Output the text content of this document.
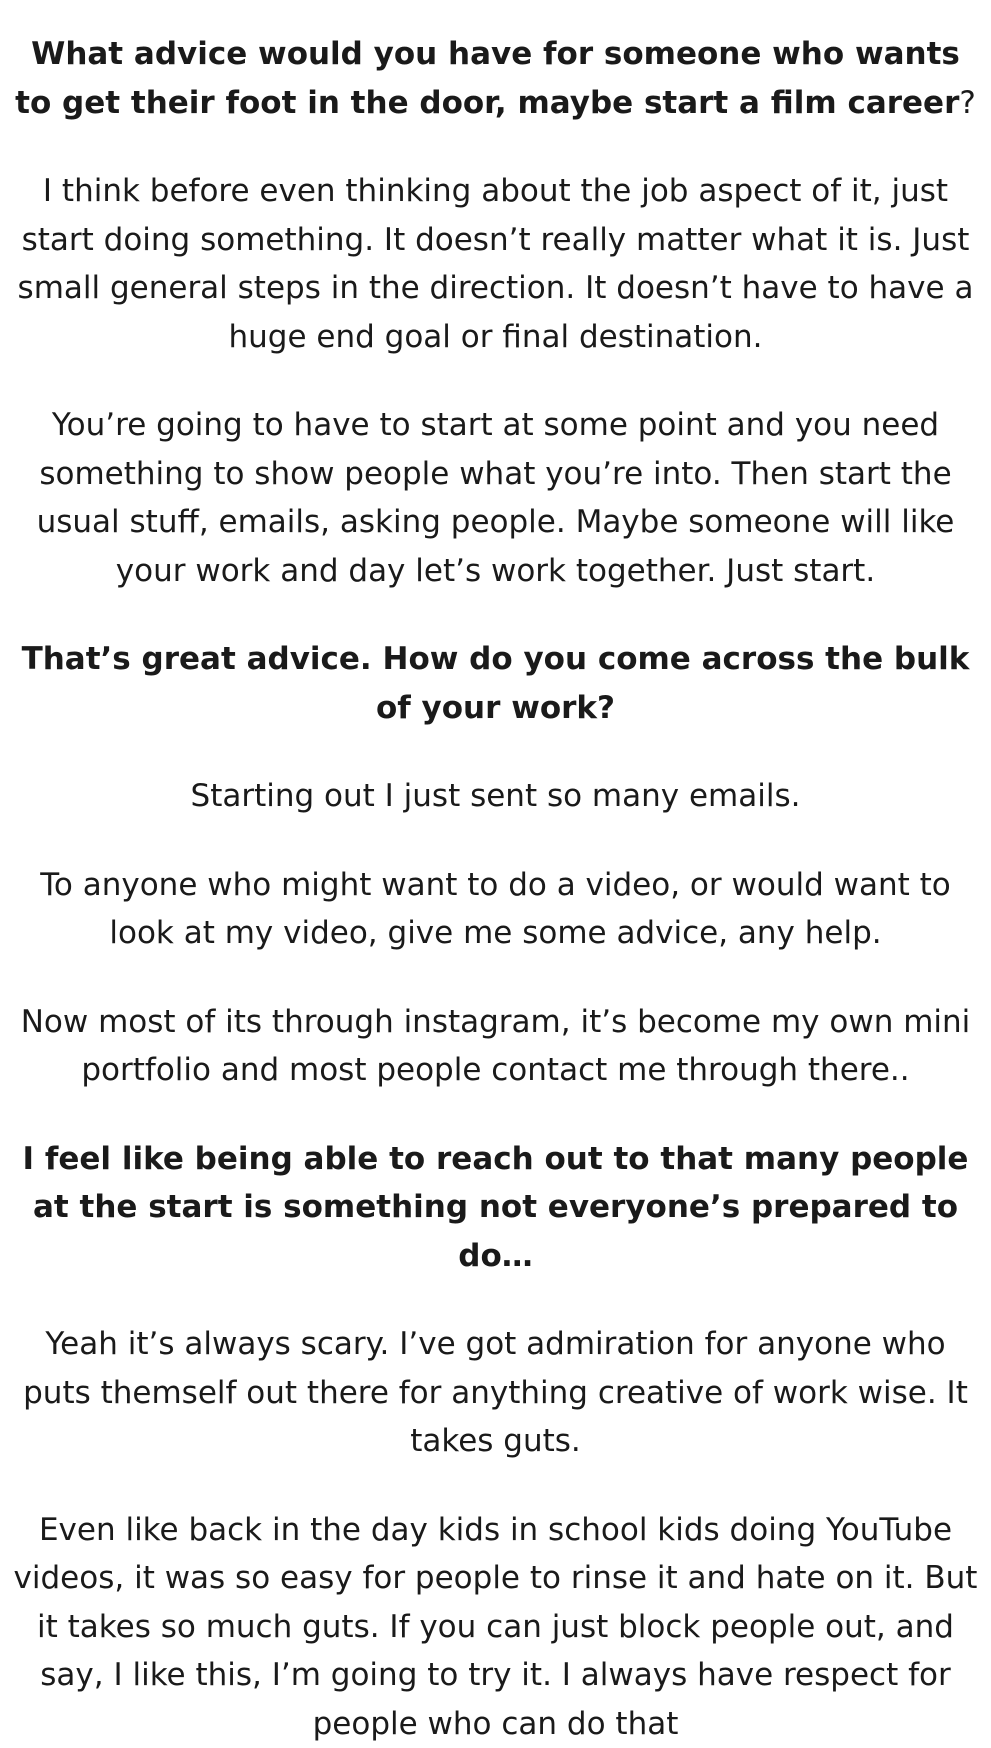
What advice would you have for someone who wants to get their foot in the door, maybe start a film career?

I think before even thinking about the job aspect of it, just start doing something. It doesn’t really matter what it is. Just small general steps in the direction. It doesn’t have to have a huge end goal or final destination.

You’re going to have to start at some point and you need something to show people what you’re into. Then start the usual stuff, emails, asking people. Maybe someone will like your work and day let’s work together. Just start.

That’s great advice. How do you come across the bulk of your work?

Starting out I just sent so many emails.

To anyone who might want to do a video, or would want to look at my video, give me some advice, any help.

Now most of its through instagram, it’s become my own mini portfolio and most people contact me through there..

I feel like being able to reach out to that many people at the start is something not everyone’s prepared to do…

Yeah it’s always scary. I’ve got admiration for anyone who puts themself out there for anything creative of work wise. It takes guts.

Even like back in the day kids in school kids doing YouTube videos, it was so easy for people to rinse it and hate on it. But it takes so much guts. If you can just block people out, and say, I like this, I’m going to try it. I always have respect for people who can do that
